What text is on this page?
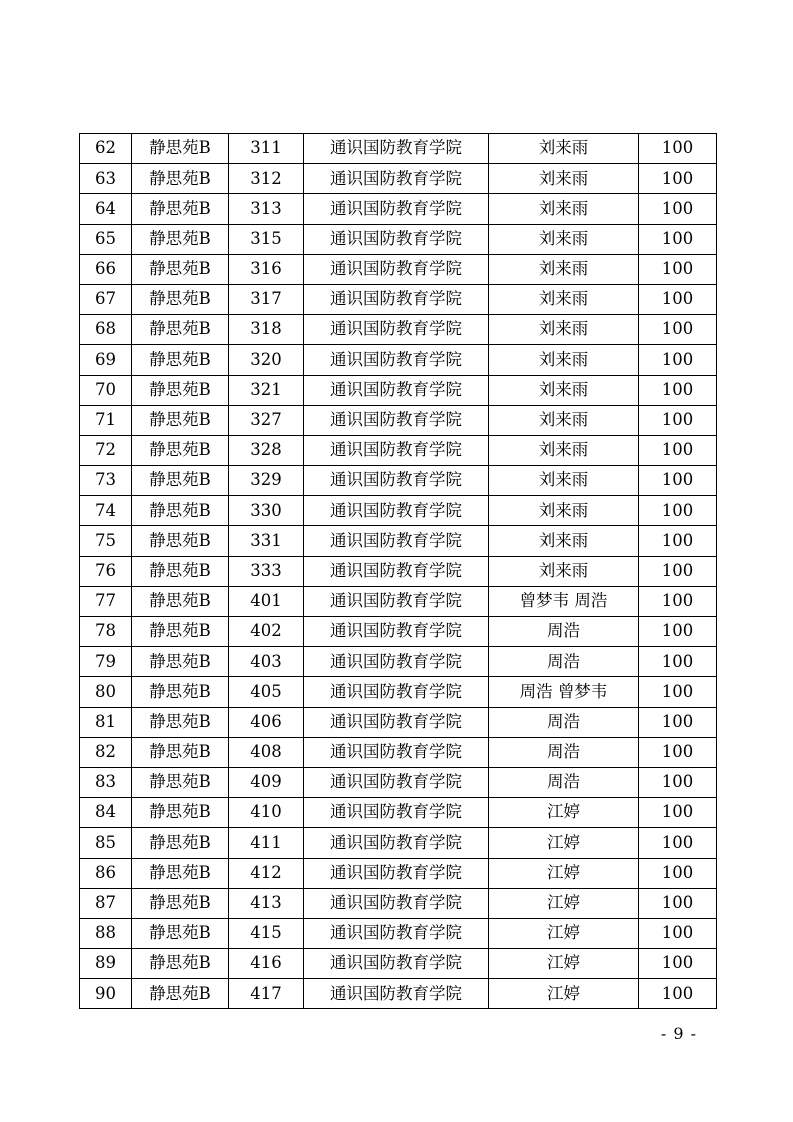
62	静思苑B	311	通识国防教育学院	刘来雨	100
63	静思苑B	312	通识国防教育学院	刘来雨	100
64	静思苑B	313	通识国防教育学院	刘来雨	100
65	静思苑B	315	通识国防教育学院	刘来雨	100
66	静思苑B	316	通识国防教育学院	刘来雨	100
67	静思苑B	317	通识国防教育学院	刘来雨	100
68	静思苑B	318	通识国防教育学院	刘来雨	100
69	静思苑B	320	通识国防教育学院	刘来雨	100
70	静思苑B	321	通识国防教育学院	刘来雨	100
71	静思苑B	327	通识国防教育学院	刘来雨	100
72	静思苑B	328	通识国防教育学院	刘来雨	100
73	静思苑B	329	通识国防教育学院	刘来雨	100
74	静思苑B	330	通识国防教育学院	刘来雨	100
75	静思苑B	331	通识国防教育学院	刘来雨	100
76	静思苑B	333	通识国防教育学院	刘来雨	100
77	静思苑B	401	通识国防教育学院	曾梦韦 周浩	100
78	静思苑B	402	通识国防教育学院	周浩	100
79	静思苑B	403	通识国防教育学院	周浩	100
80	静思苑B	405	通识国防教育学院	周浩 曾梦韦	100
81	静思苑B	406	通识国防教育学院	周浩	100
82	静思苑B	408	通识国防教育学院	周浩	100
83	静思苑B	409	通识国防教育学院	周浩	100
84	静思苑B	410	通识国防教育学院	江婷	100
85	静思苑B	411	通识国防教育学院	江婷	100
86	静思苑B	412	通识国防教育学院	江婷	100
87	静思苑B	413	通识国防教育学院	江婷	100
88	静思苑B	415	通识国防教育学院	江婷	100
89	静思苑B	416	通识国防教育学院	江婷	100
90	静思苑B	417	通识国防教育学院	江婷	100
- 9 -
